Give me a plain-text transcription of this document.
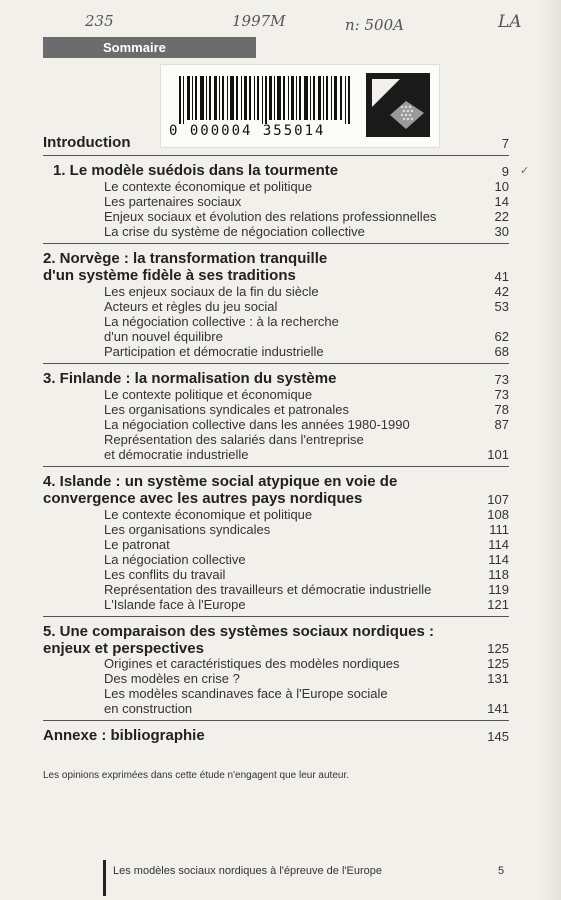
235	1997M	n: 500A	LA
Sommaire
0 000004 355014
Introduction	7
1. Le modèle suédois dans la tourmente	9 ✓
Le contexte économique et politique	10
Les partenaires sociaux	14
Enjeux sociaux et évolution des relations professionnelles	22
La crise du système de négociation collective	30
2. Norvège : la transformation tranquille
d'un système fidèle à ses traditions	41
Les enjeux sociaux de la fin du siècle	42
Acteurs et règles du jeu social	53
La négociation collective : à la recherche
d'un nouvel équilibre	62
Participation et démocratie industrielle	68
3. Finlande : la normalisation du système	73
Le contexte politique et économique	73
Les organisations syndicales et patronales	78
La négociation collective dans les années 1980-1990	87
Représentation des salariés dans l'entreprise
et démocratie industrielle	101
4. Islande : un système social atypique en voie de
convergence avec les autres pays nordiques	107
Le contexte économique et politique	108
Les organisations syndicales	111
Le patronat	114
La négociation collective	114
Les conflits du travail	118
Représentation des travailleurs et démocratie industrielle	119
L'Islande face à l'Europe	121
5. Une comparaison des systèmes sociaux nordiques :
enjeux et perspectives	125
Origines et caractéristiques des modèles nordiques	125
Des modèles en crise ?	131
Les modèles scandinaves face à l'Europe sociale
en construction	141
Annexe : bibliographie	145
Les opinions exprimées dans cette étude n'engagent que leur auteur.
Les modèles sociaux nordiques à l'épreuve de l'Europe	5
